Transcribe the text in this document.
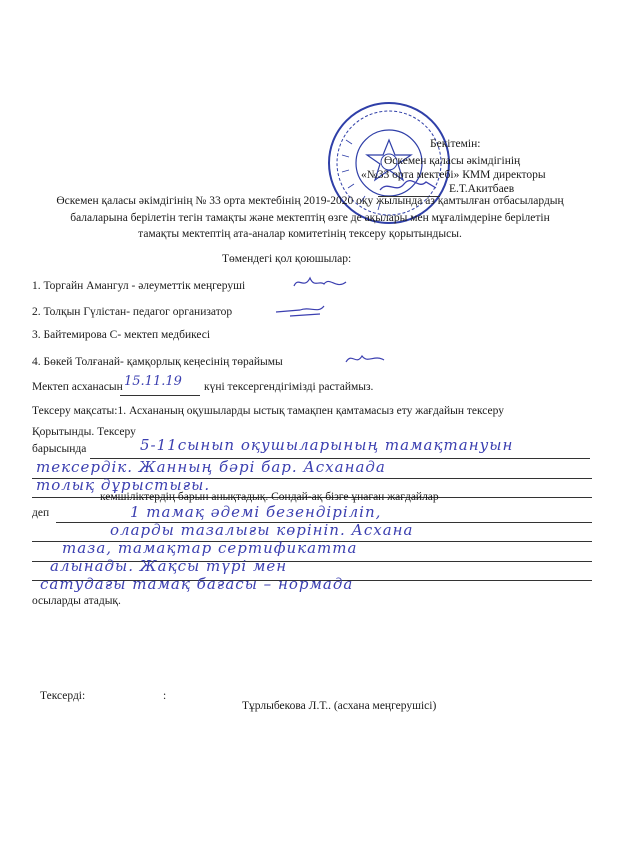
Бекітемін:
Өскемен қаласы әкімдігінің
«№33 орта мектебі» КММ директоры
Е.Т.Акитбаев
Өскемен қаласы әкімдігінің № 33 орта мектебінің 2019-2020 оқу жылында аз қамтылған отбасылардың
балаларына берілетін тегін тамақты және мектептің өзге де ақылары мен мұғалімдеріне берілетін
тамақты мектептің ата-аналар комитетінің тексеру қорытындысы.
Төмендегі қол қоюшылар:
1. Торгайн Амангул - әлеуметтік меңгеруші
2. Толқын Гүлістан- педагог организатор
3. Байтемирова С- мектеп медбикесі
4. Бөкей Толғанай- қамқорлық кеңесінің төрайымы
Мектеп асханасын 15.11.19 күні тексергендігімізді растаймыз.
Тексеру мақсаты:1. Асхананың оқушыларды ыстық тамақпен қамтамасыз ету жағдайын тексеру
Қорытынды. Тексеру
барысында	5-11сынып оқушыларының тамақтануын
тексердік. Жанның бәрі бар. Асханада
толық дұрыстығы.
кемшіліктердің барын анықтадық. Сондай-ақ бізге ұнаған жағдайлар
деп	1 тамақ әдемі безендіріліп,
оларды тазалығы көрініп. Асхана
таза, тамақтар сертификатта
алынады. Жақсы түрі мен
сатудағы тамақ бағасы – нормада
осыларды атадық.
Тексерді:	:
Тұрлыбекова Л.Т.. (асхана меңгерушісі)
